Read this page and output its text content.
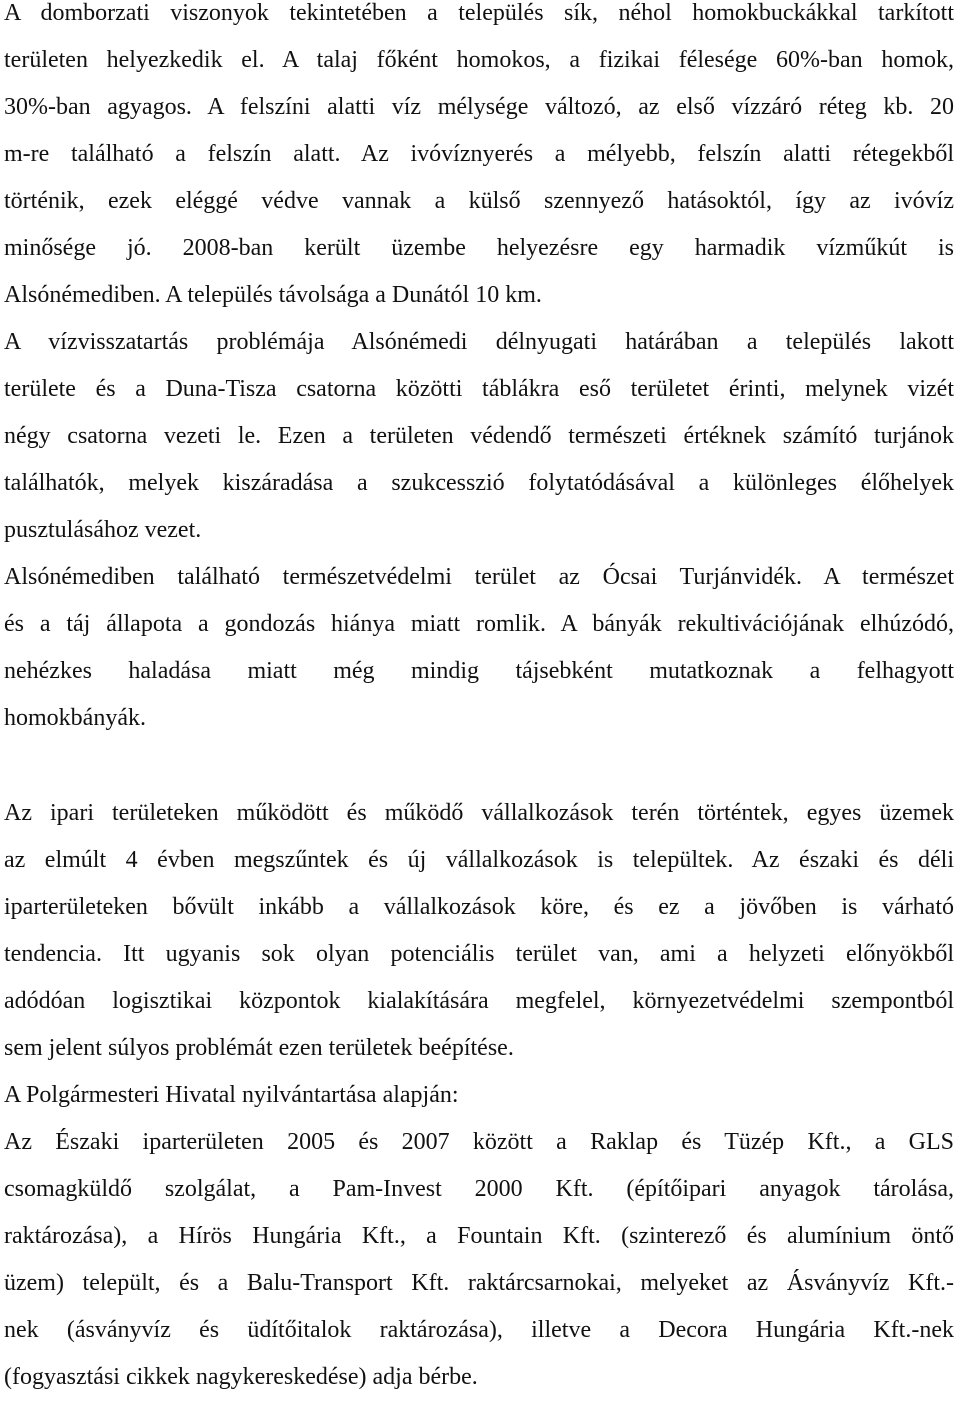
A domborzati viszonyok tekintetében a település sík, néhol homokbuckákkal tarkított
területen helyezkedik el. A talaj főként homokos, a fizikai félesége 60%-ban homok,
30%-ban agyagos. A felszíni alatti víz mélysége változó, az első vízzáró réteg kb. 20
m-re található a felszín alatt. Az ivóvíznyerés a mélyebb, felszín alatti rétegekből
történik, ezek eléggé védve vannak a külső szennyező hatásoktól, így az ivóvíz
minősége jó. 2008-ban került üzembe helyezésre egy harmadik vízműkút is
Alsónémediben. A település távolsága a Dunától 10 km.
A vízvisszatartás problémája Alsónémedi délnyugati határában a település lakott
területe és a Duna-Tisza csatorna közötti táblákra eső területet érinti, melynek vizét
négy csatorna vezeti le. Ezen a területen védendő természeti értéknek számító turjánok
találhatók, melyek kiszáradása a szukcesszió folytatódásával a különleges élőhelyek
pusztulásához vezet.
Alsónémediben található természetvédelmi terület az Ócsai Turjánvidék. A természet
és a táj állapota a gondozás hiánya miatt romlik. A bányák rekultivációjának elhúzódó,
nehézkes haladása miatt még mindig tájsebként mutatkoznak a felhagyott
homokbányák.
Az ipari területeken működött és működő vállalkozások terén történtek, egyes üzemek
az elmúlt 4 évben megszűntek és új vállalkozások is települtek. Az északi és déli
iparterületeken bővült inkább a vállalkozások köre, és ez a jövőben is várható
tendencia. Itt ugyanis sok olyan potenciális terület van, ami a helyzeti előnyökből
adódóan logisztikai központok kialakítására megfelel, környezetvédelmi szempontból
sem jelent súlyos problémát ezen területek beépítése.
A Polgármesteri Hivatal nyilvántartása alapján:
Az Északi iparterületen 2005 és 2007 között a Raklap és Tüzép Kft., a GLS
csomagküldő szolgálat, a Pam-Invest 2000 Kft. (építőipari anyagok tárolása,
raktározása), a Hírös Hungária Kft., a Fountain Kft. (szinterező és alumínium öntő
üzem) települt, és a Balu-Transport Kft. raktárcsarnokai, melyeket az Ásványvíz Kft.-
nek (ásványvíz és üdítőitalok raktározása), illetve a Decora Hungária Kft.-nek
(fogyasztási cikkek nagykereskedése) adja bérbe.
